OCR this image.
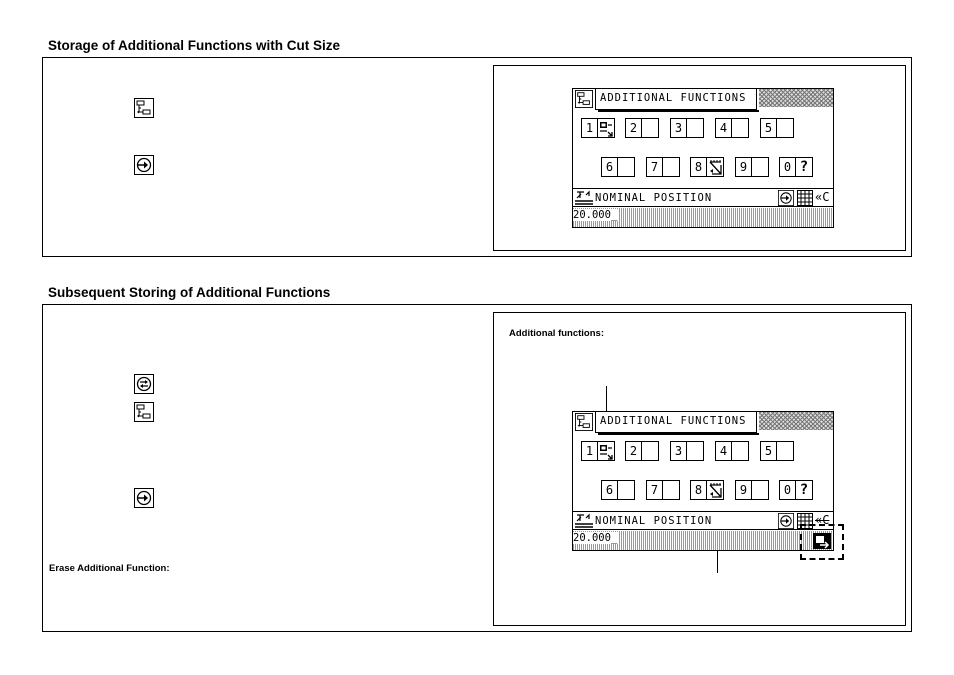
Storage of Additional Functions with Cut Size
ADDITIONAL FUNCTIONS
1	2	3	4	5
6	7	8	9	0 ?
NOMINAL POSITION	«C
20.000_
Subsequent Storing of Additional Functions
Erase Additional Function:
Additional functions:
ADDITIONAL FUNCTIONS
1	2	3	4	5
6	7	8	9	0 ?
NOMINAL POSITION	«C
20.000_
